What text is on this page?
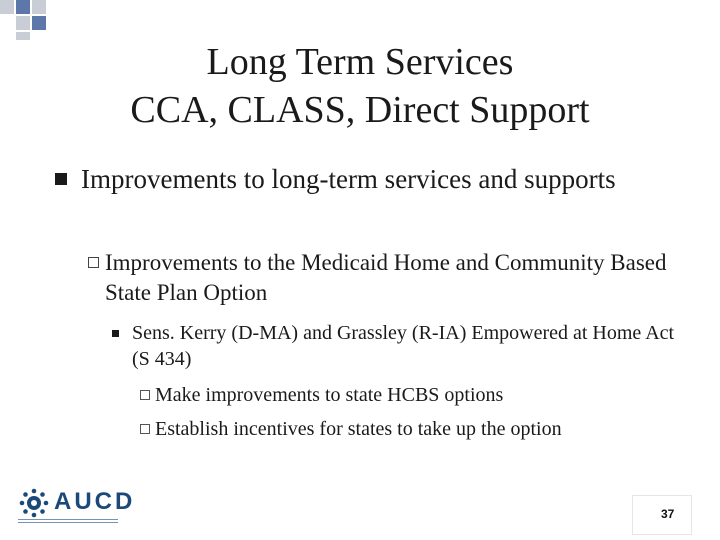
Long Term Services
CCA, CLASS, Direct Support
Improvements to long-term services and supports
Improvements to the Medicaid Home and Community Based State Plan Option
Sens. Kerry (D-MA) and Grassley (R-IA) Empowered at Home Act (S 434)
Make improvements to state HCBS options
Establish incentives for states to take up the option
AUCD	37
